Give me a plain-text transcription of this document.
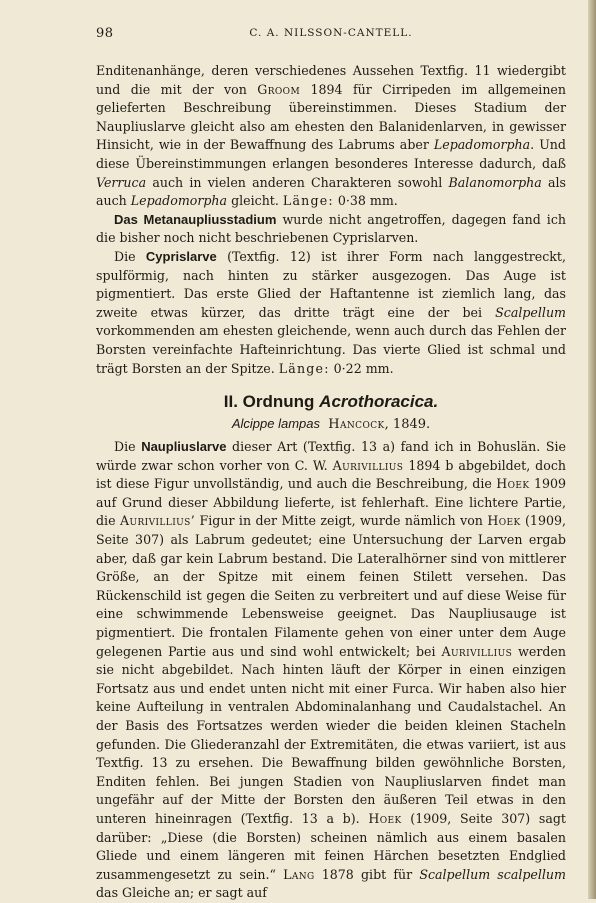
98	C. A. NILSSON-CANTELL.

Enditenanhänge, deren verschiedenes Aussehen Textfig. 11 wiedergibt und die mit der von Groom 1894 für Cirripeden im allgemeinen gelieferten Beschreibung übereinstimmen. Dieses Stadium der Naupliuslarve gleicht also am ehesten den Balanidenlarven, in gewisser Hinsicht, wie in der Bewaffnung des Labrums aber Lepadomorpha. Und diese Übereinstimmungen erlangen besonderes Interesse dadurch, daß Verruca auch in vielen anderen Charakteren sowohl Balanomorpha als auch Lepadomorpha gleicht. Länge: 0·38 mm.

Das Metanaupliusstadium wurde nicht angetroffen, dagegen fand ich die bisher noch nicht beschriebenen Cyprislarven.

Die Cyprislarve (Textfig. 12) ist ihrer Form nach langgestreckt, spulförmig, nach hinten zu stärker ausgezogen. Das Auge ist pigmentiert. Das erste Glied der Haftantenne ist ziemlich lang, das zweite etwas kürzer, das dritte trägt eine der bei Scalpellum vorkommenden am ehesten gleichende, wenn auch durch das Fehlen der Borsten vereinfachte Hafteinrichtung. Das vierte Glied ist schmal und trägt Borsten an der Spitze. Länge: 0·22 mm.

II. Ordnung Acrothoracica.
Alcippe lampas Hancock, 1849.

Die Naupliuslarve dieser Art (Textfig. 13 a) fand ich in Bohuslän. Sie würde zwar schon vorher von C. W. Aurivillius 1894 b abgebildet, doch ist diese Figur unvollständig, und auch die Beschreibung, die Hoek 1909 auf Grund dieser Abbildung lieferte, ist fehlerhaft. Eine lichtere Partie, die Aurivillius’ Figur in der Mitte zeigt, wurde nämlich von Hoek (1909, Seite 307) als Labrum gedeutet; eine Untersuchung der Larven ergab aber, daß gar kein Labrum bestand. Die Lateralhörner sind von mittlerer Größe, an der Spitze mit einem feinen Stilett versehen. Das Rückenschild ist gegen die Seiten zu verbreitert und auf diese Weise für eine schwimmende Lebensweise geeignet. Das Naupliusauge ist pigmentiert. Die frontalen Filamente gehen von einer unter dem Auge gelegenen Partie aus und sind wohl entwickelt; bei Aurivillius werden sie nicht abgebildet. Nach hinten läuft der Körper in einen einzigen Fortsatz aus und endet unten nicht mit einer Furca. Wir haben also hier keine Aufteilung in ventralen Abdominalanhang und Caudalstachel. An der Basis des Fortsatzes werden wieder die beiden kleinen Stacheln gefunden. Die Gliederanzahl der Extremitäten, die etwas variiert, ist aus Textfig. 13 zu ersehen. Die Bewaffnung bilden gewöhnliche Borsten, Enditen fehlen. Bei jungen Stadien von Naupliuslarven findet man ungefähr auf der Mitte der Borsten den äußeren Teil etwas in den unteren hineinragen (Textfig. 13 a b). Hoek (1909, Seite 307) sagt darüber: „Diese (die Borsten) scheinen nämlich aus einem basalen Gliede und einem längeren mit feinen Härchen besetzten Endglied zusammengesetzt zu sein.“ Lang 1878 gibt für Scalpellum scalpellum das Gleiche an; er sagt auf
